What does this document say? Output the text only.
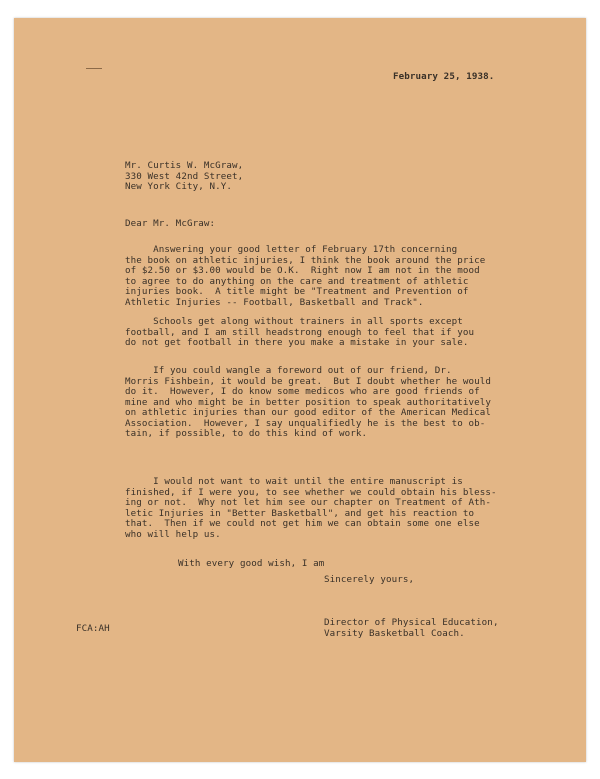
February 25, 1938.
Mr. Curtis W. McGraw,
330 West 42nd Street,
New York City, N.Y.
Dear Mr. McGraw:
Answering your good letter of February 17th concerning
the book on athletic injuries, I think the book around the price
of $2.50 or $3.00 would be O.K.  Right now I am not in the mood
to agree to do anything on the care and treatment of athletic
injuries book.  A title might be "Treatment and Prevention of
Athletic Injuries -- Football, Basketball and Track".
Schools get along without trainers in all sports except
football, and I am still headstrong enough to feel that if you
do not get football in there you make a mistake in your sale.
If you could wangle a foreword out of our friend, Dr.
Morris Fishbein, it would be great.  But I doubt whether he would
do it.  However, I do know some medicos who are good friends of
mine and who might be in better position to speak authoritatively
on athletic injuries than our good editor of the American Medical
Association.  However, I say unqualifiedly he is the best to ob-
tain, if possible, to do this kind of work.
I would not want to wait until the entire manuscript is
finished, if I were you, to see whether we could obtain his bless-
ing or not.  Why not let him see our chapter on Treatment of Ath-
letic Injuries in "Better Basketball", and get his reaction to
that.  Then if we could not get him we can obtain some one else
who will help us.
With every good wish, I am
Sincerely yours,
Director of Physical Education,
Varsity Basketball Coach.
FCA:AH
